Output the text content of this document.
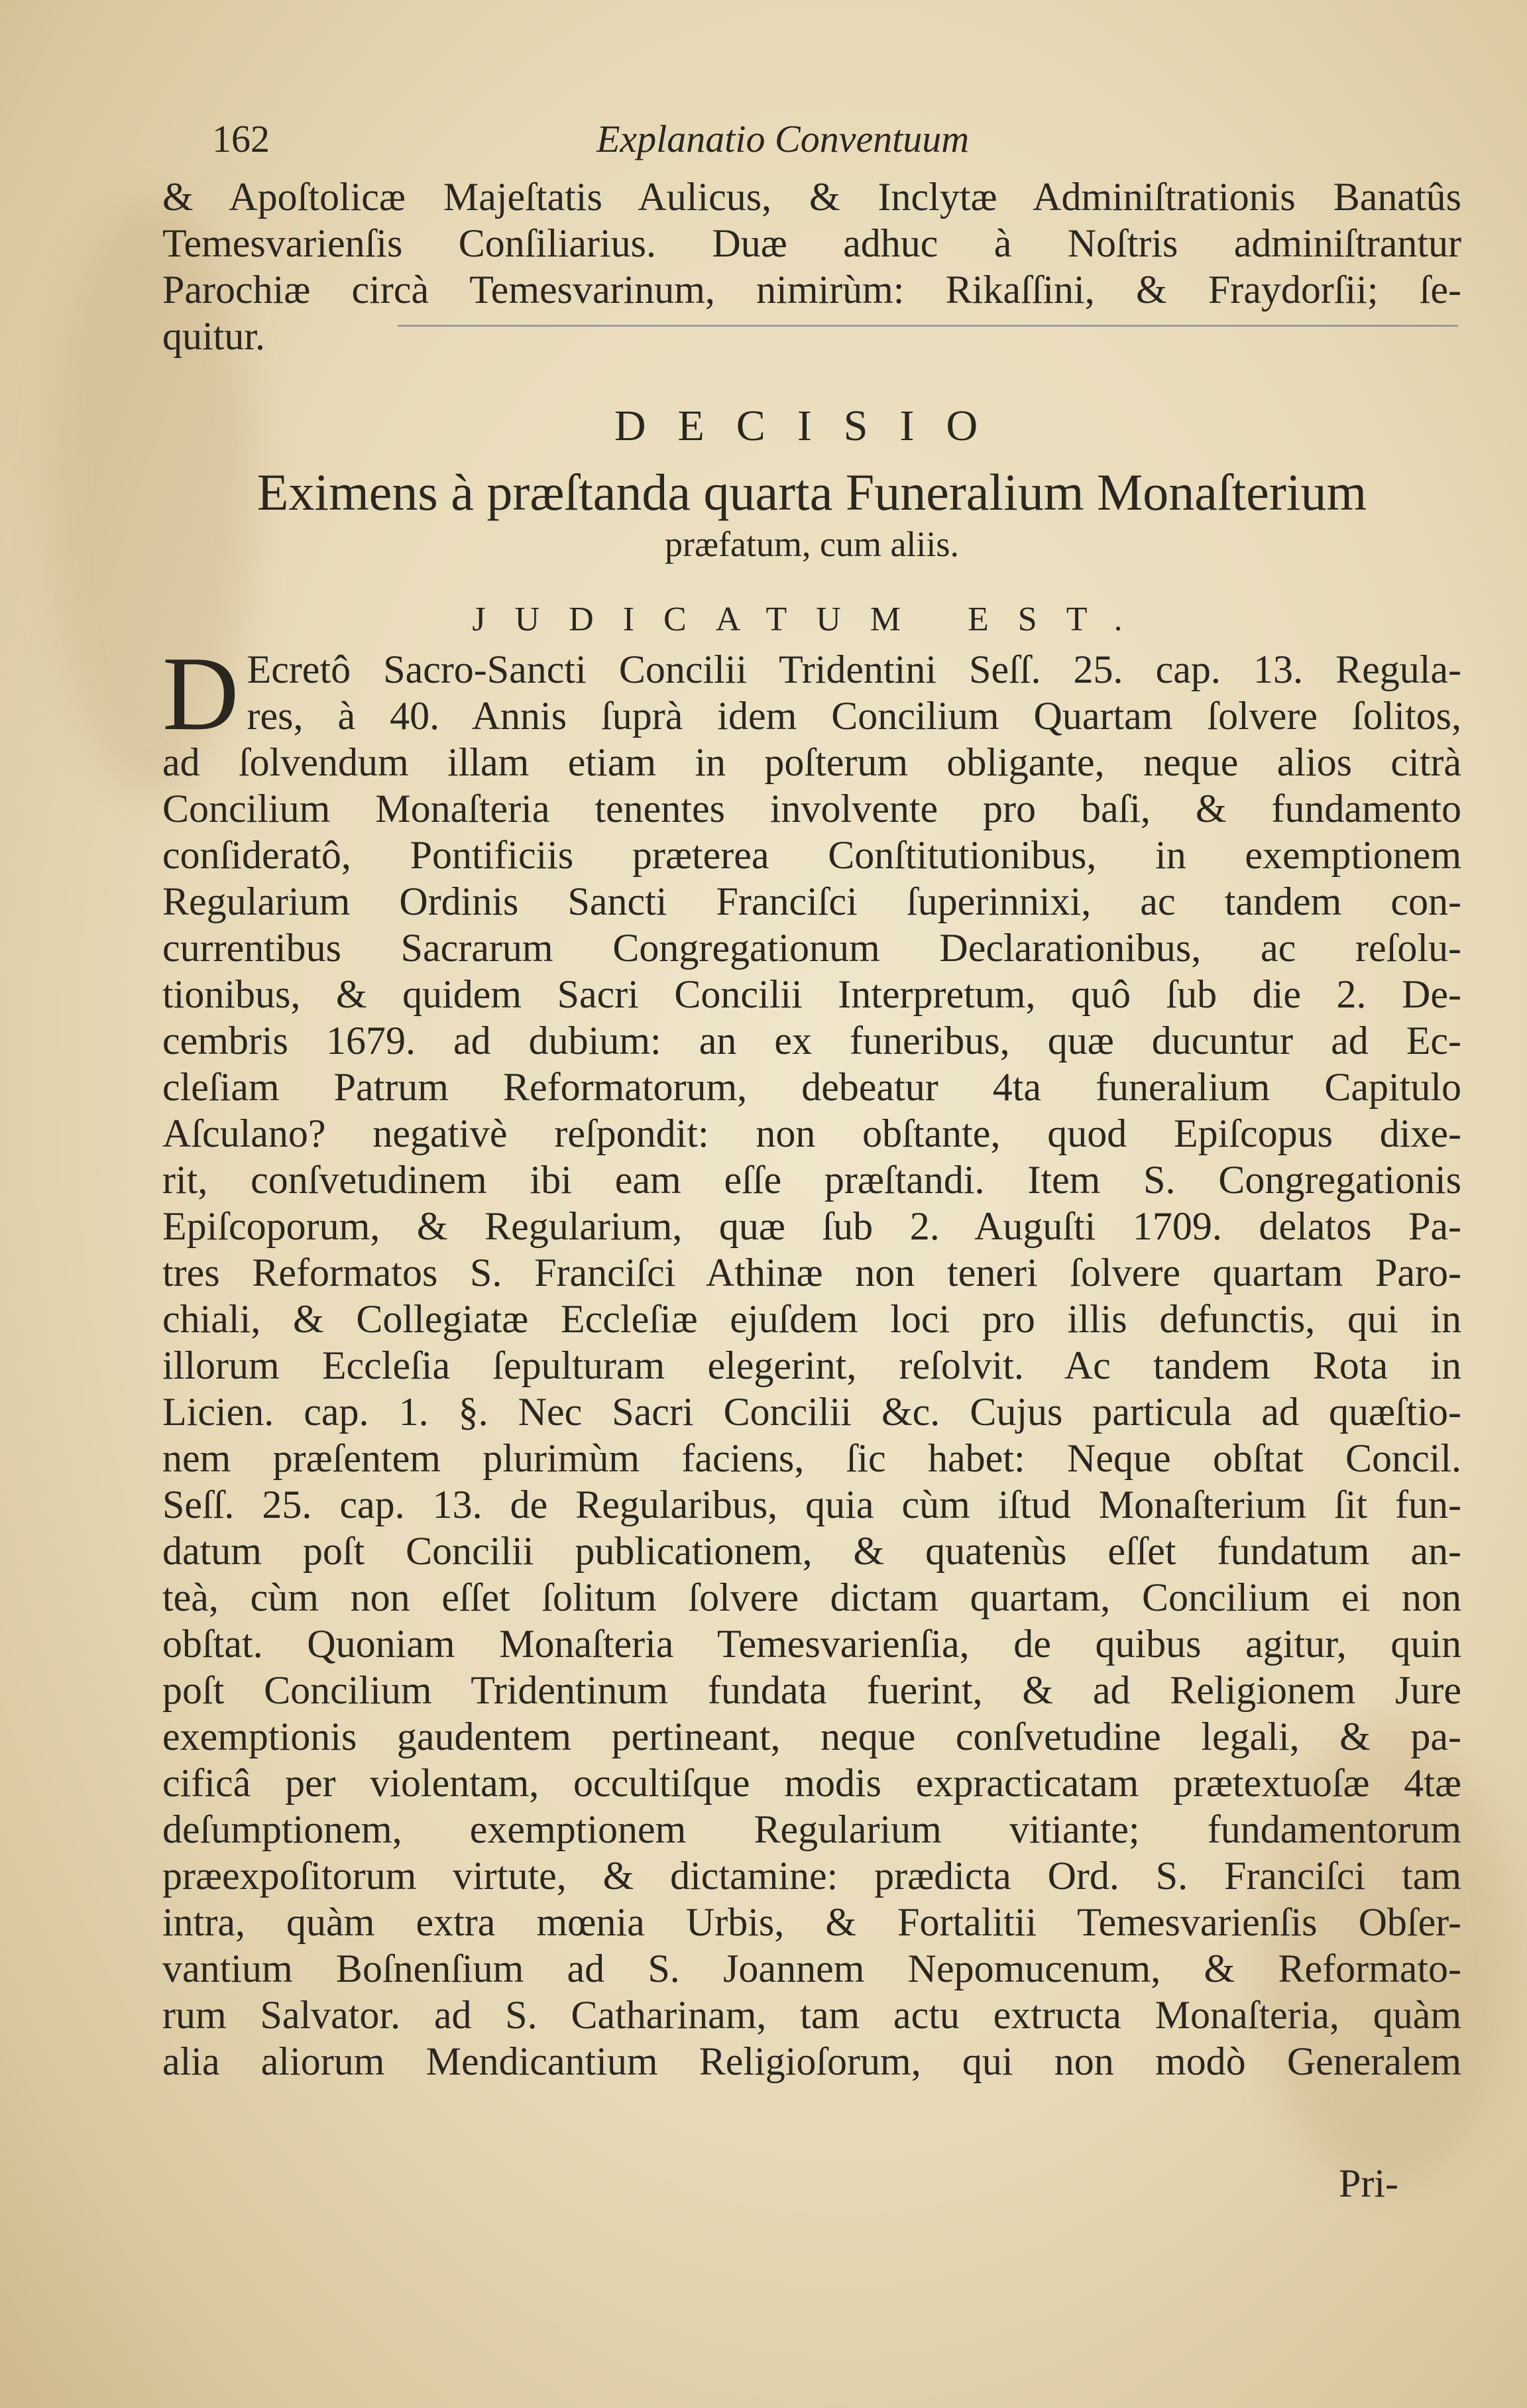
162	Explanatio Conventuum
& Apoſtolicæ Majeſtatis Aulicus, & Inclytæ Adminiſtrationis Banatûs
Temesvarienſis Conſiliarius. Duæ adhuc à Noſtris adminiſtrantur
Parochiæ circà Temesvarinum, nimirùm: Rikaſſini, & Fraydorſii; ſe-
quitur.
DECISIO
Eximens à præſtanda quarta Funeralium Monaſterium
præfatum, cum aliis.
JUDICATUM EST.
D Ecretô Sacro-Sancti Concilii Tridentini Seſſ. 25. cap. 13. Regula-
res, à 40. Annis ſuprà idem Concilium Quartam ſolvere ſolitos,
ad ſolvendum illam etiam in poſterum obligante, neque alios citrà
Concilium Monaſteria tenentes involvente pro baſi, & fundamento
conſideratô, Pontificiis præterea Conſtitutionibus, in exemptionem
Regularium Ordinis Sancti Franciſci ſuperinnixi, ac tandem con-
currentibus Sacrarum Congregationum Declarationibus, ac reſolu-
tionibus, & quidem Sacri Concilii Interpretum, quô ſub die 2. De-
cembris 1679. ad dubium: an ex funeribus, quæ ducuntur ad Ec-
cleſiam Patrum Reformatorum, debeatur 4ta funeralium Capitulo
Aſculano? negativè reſpondit: non obſtante, quod Epiſcopus dixe-
rit, conſvetudinem ibi eam eſſe præſtandi. Item S. Congregationis
Epiſcoporum, & Regularium, quæ ſub 2. Auguſti 1709. delatos Pa-
tres Reformatos S. Franciſci Athinæ non teneri ſolvere quartam Paro-
chiali, & Collegiatæ Eccleſiæ ejuſdem loci pro illis defunctis, qui in
illorum Eccleſia ſepulturam elegerint, reſolvit. Ac tandem Rota in
Licien. cap. 1. §. Nec Sacri Concilii &c. Cujus particula ad quæſtio-
nem præſentem plurimùm faciens, ſic habet: Neque obſtat Concil.
Seſſ. 25. cap. 13. de Regularibus, quia cùm iſtud Monaſterium ſit fun-
datum poſt Concilii publicationem, & quatenùs eſſet fundatum an-
teà, cùm non eſſet ſolitum ſolvere dictam quartam, Concilium ei non
obſtat. Quoniam Monaſteria Temesvarienſia, de quibus agitur, quin
poſt Concilium Tridentinum fundata fuerint, & ad Religionem Jure
exemptionis gaudentem pertineant, neque conſvetudine legali, & pa-
cificâ per violentam, occultiſque modis expracticatam prætextuoſæ 4tæ
deſumptionem, exemptionem Regularium vitiante; fundamentorum
præexpoſitorum virtute, & dictamine: prædicta Ord. S. Franciſci tam
intra, quàm extra mœnia Urbis, & Fortalitii Temesvarienſis Obſer-
vantium Boſnenſium ad S. Joannem Nepomucenum, & Reformato-
rum Salvator. ad S. Catharinam, tam actu extructa Monaſteria, quàm
alia aliorum Mendicantium Religioſorum, qui non modò Generalem
Pri-
